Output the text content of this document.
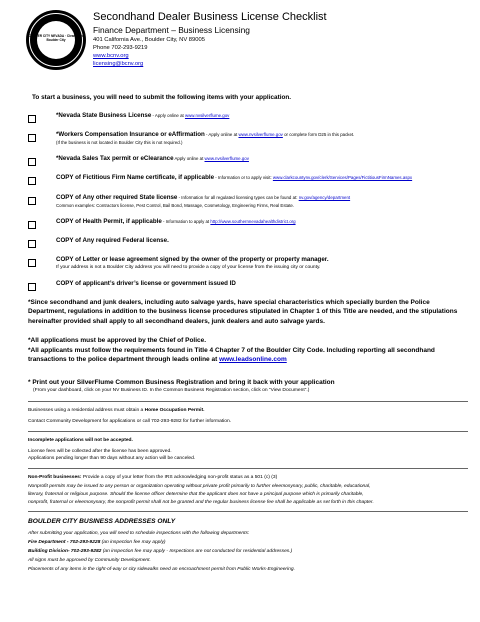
BOULDER CITY NEVADA · Clean Green Boulder City
Secondhand Dealer Business License Checklist
Finance Department – Business Licensing
401 California Ave., Boulder City, NV 89005
Phone 702-293-9219
www.bcnv.org
licensing@bcnv.org
To start a business, you will need to submit the following items with your application.
*Nevada State Business License - Apply online at www.nvsilverflume.gov
*Workers Compensation Insurance or eAffirmation - Apply online at www.nvsilverflume.gov or complete form D25 in this packet.
(If the business is not located in Boulder City this is not required.)
*Nevada Sales Tax permit or eClearance Apply online at www.nvsilverflume.gov
COPY of Fictitious Firm Name certificate, if applicable - Information or to apply visit: www.clarkcountynv.gov/clerk/Services/Pages/FictitiousFirmNames.aspx
COPY of Any other required State license - Information for all regulated licensing types can be found at: nv.gov/agency/department
Common examples: Contractors license, Pest Control, Bail Bond, Massage, Cosmetology, Engineering Firms, Real Estate.
COPY of Health Permit, if applicable - Information to apply at http://www.southernnevadahealthdistrict.org
COPY of Any required Federal license.
COPY of Letter or lease agreement signed by the owner of the property or property manager.
If your address is not a Boulder City address you will need to provide a copy of your license from the issuing city or county.
COPY of applicant’s driver’s license or government issued ID
*Since secondhand and junk dealers, including auto salvage yards, have special characteristics which specially burden the Police Department, regulations in addition to the business license procedures stipulated in Chapter 1 of this Title are needed, and the stipulations hereinafter provided shall apply to all secondhand dealers, junk dealers and auto salvage yards.
*All applications must be approved by the Chief of Police.
*All applicants must follow the requirements found in Title 4 Chapter 7 of the Boulder City Code. Including reporting all secondhand transactions to the police department through leads online at www.leadsonline.com
* Print out your SilverFlume Common Business Registration and bring it back with your application
(From your dashboard, click on your NV Business ID. In the Common Business Registration section, click on “View Document”.)
Businesses using a residential address must obtain a Home Occupation Permit.
Contact Community Development for applications or call 702-293-9282 for further information.
Incomplete applications will not be accepted.
License fees will be collected after the license has been approved.
Applications pending longer than 90 days without any action will be canceled.
Non-Profit businesses: Provide a copy of your letter from the IRS acknowledging non-profit status as a 501 (c) (3)
Nonprofit permits may be issued to any person or organization operating without private profit primarily to further eleemosynary, public, charitable, educational,
literary, fraternal or religious purpose. Should the license officer determine that the applicant does not have a principal purpose which is primarily charitable,
nonprofit, fraternal or eleemosynary, the nonprofit permit shall not be granted and the regular business license fee shall be applicable as set forth in this chapter.
BOULDER CITY BUSINESS ADDRESSES ONLY
After submitting your application, you will need to schedule inspections with the following departments:
Fire Department - 702-293-9228 (an inspection fee may apply)
Building Division- 702-293-9282 (an inspection fee may apply - Inspections are not conducted for residential addresses.)
All signs must be approved by Community Development.
Placements of any items in the right-of-way or city sidewalks need an encroachment permit from Public Works-Engineering.
